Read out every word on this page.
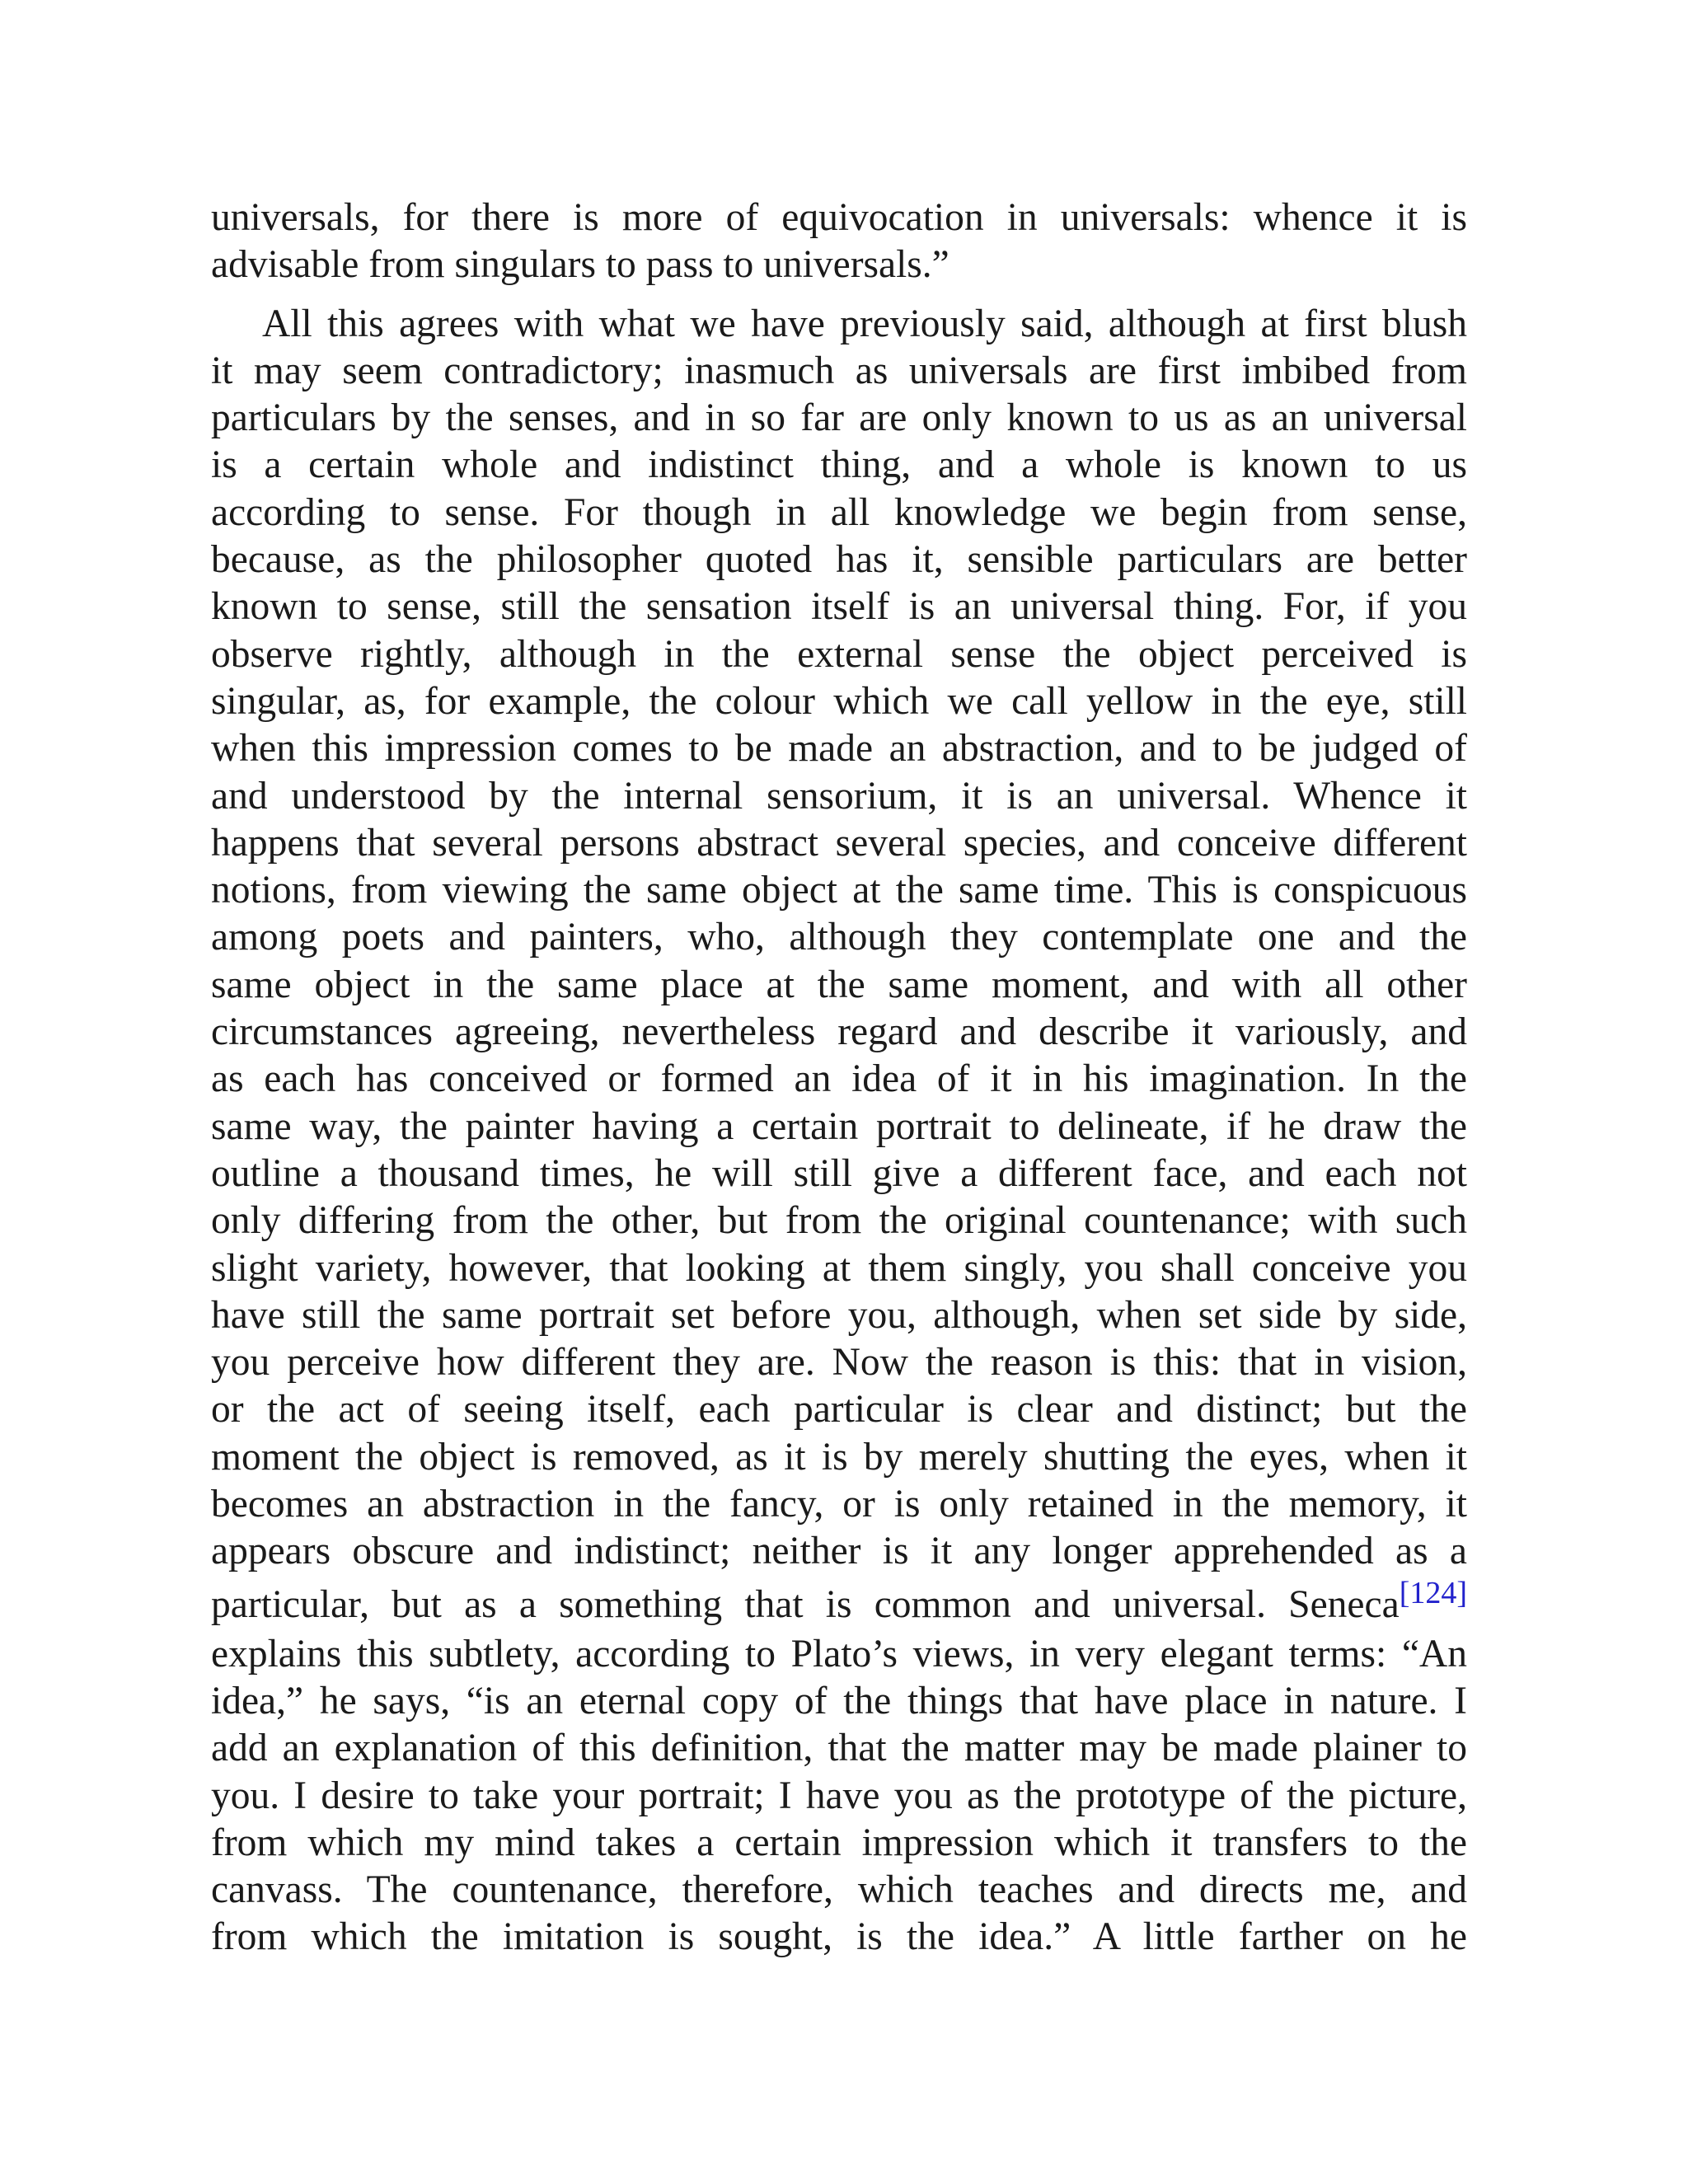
universals, for there is more of equivocation in universals: whence it is
advisable from singulars to pass to universals.”
All this agrees with what we have previously said, although at first blush
it may seem contradictory; inasmuch as universals are first imbibed from
particulars by the senses, and in so far are only known to us as an universal
is a certain whole and indistinct thing, and a whole is known to us
according to sense. For though in all knowledge we begin from sense,
because, as the philosopher quoted has it, sensible particulars are better
known to sense, still the sensation itself is an universal thing. For, if you
observe rightly, although in the external sense the object perceived is
singular, as, for example, the colour which we call yellow in the eye, still
when this impression comes to be made an abstraction, and to be judged of
and understood by the internal sensorium, it is an universal. Whence it
happens that several persons abstract several species, and conceive different
notions, from viewing the same object at the same time. This is conspicuous
among poets and painters, who, although they contemplate one and the
same object in the same place at the same moment, and with all other
circumstances agreeing, nevertheless regard and describe it variously, and
as each has conceived or formed an idea of it in his imagination. In the
same way, the painter having a certain portrait to delineate, if he draw the
outline a thousand times, he will still give a different face, and each not
only differing from the other, but from the original countenance; with such
slight variety, however, that looking at them singly, you shall conceive you
have still the same portrait set before you, although, when set side by side,
you perceive how different they are. Now the reason is this: that in vision,
or the act of seeing itself, each particular is clear and distinct; but the
moment the object is removed, as it is by merely shutting the eyes, when it
becomes an abstraction in the fancy, or is only retained in the memory, it
appears obscure and indistinct; neither is it any longer apprehended as a
particular, but as a something that is common and universal. Seneca[124]
explains this subtlety, according to Plato’s views, in very elegant terms: “An
idea,” he says, “is an eternal copy of the things that have place in nature. I
add an explanation of this definition, that the matter may be made plainer to
you. I desire to take your portrait; I have you as the prototype of the picture,
from which my mind takes a certain impression which it transfers to the
canvass. The countenance, therefore, which teaches and directs me, and
from which the imitation is sought, is the idea.” A little farther on he
